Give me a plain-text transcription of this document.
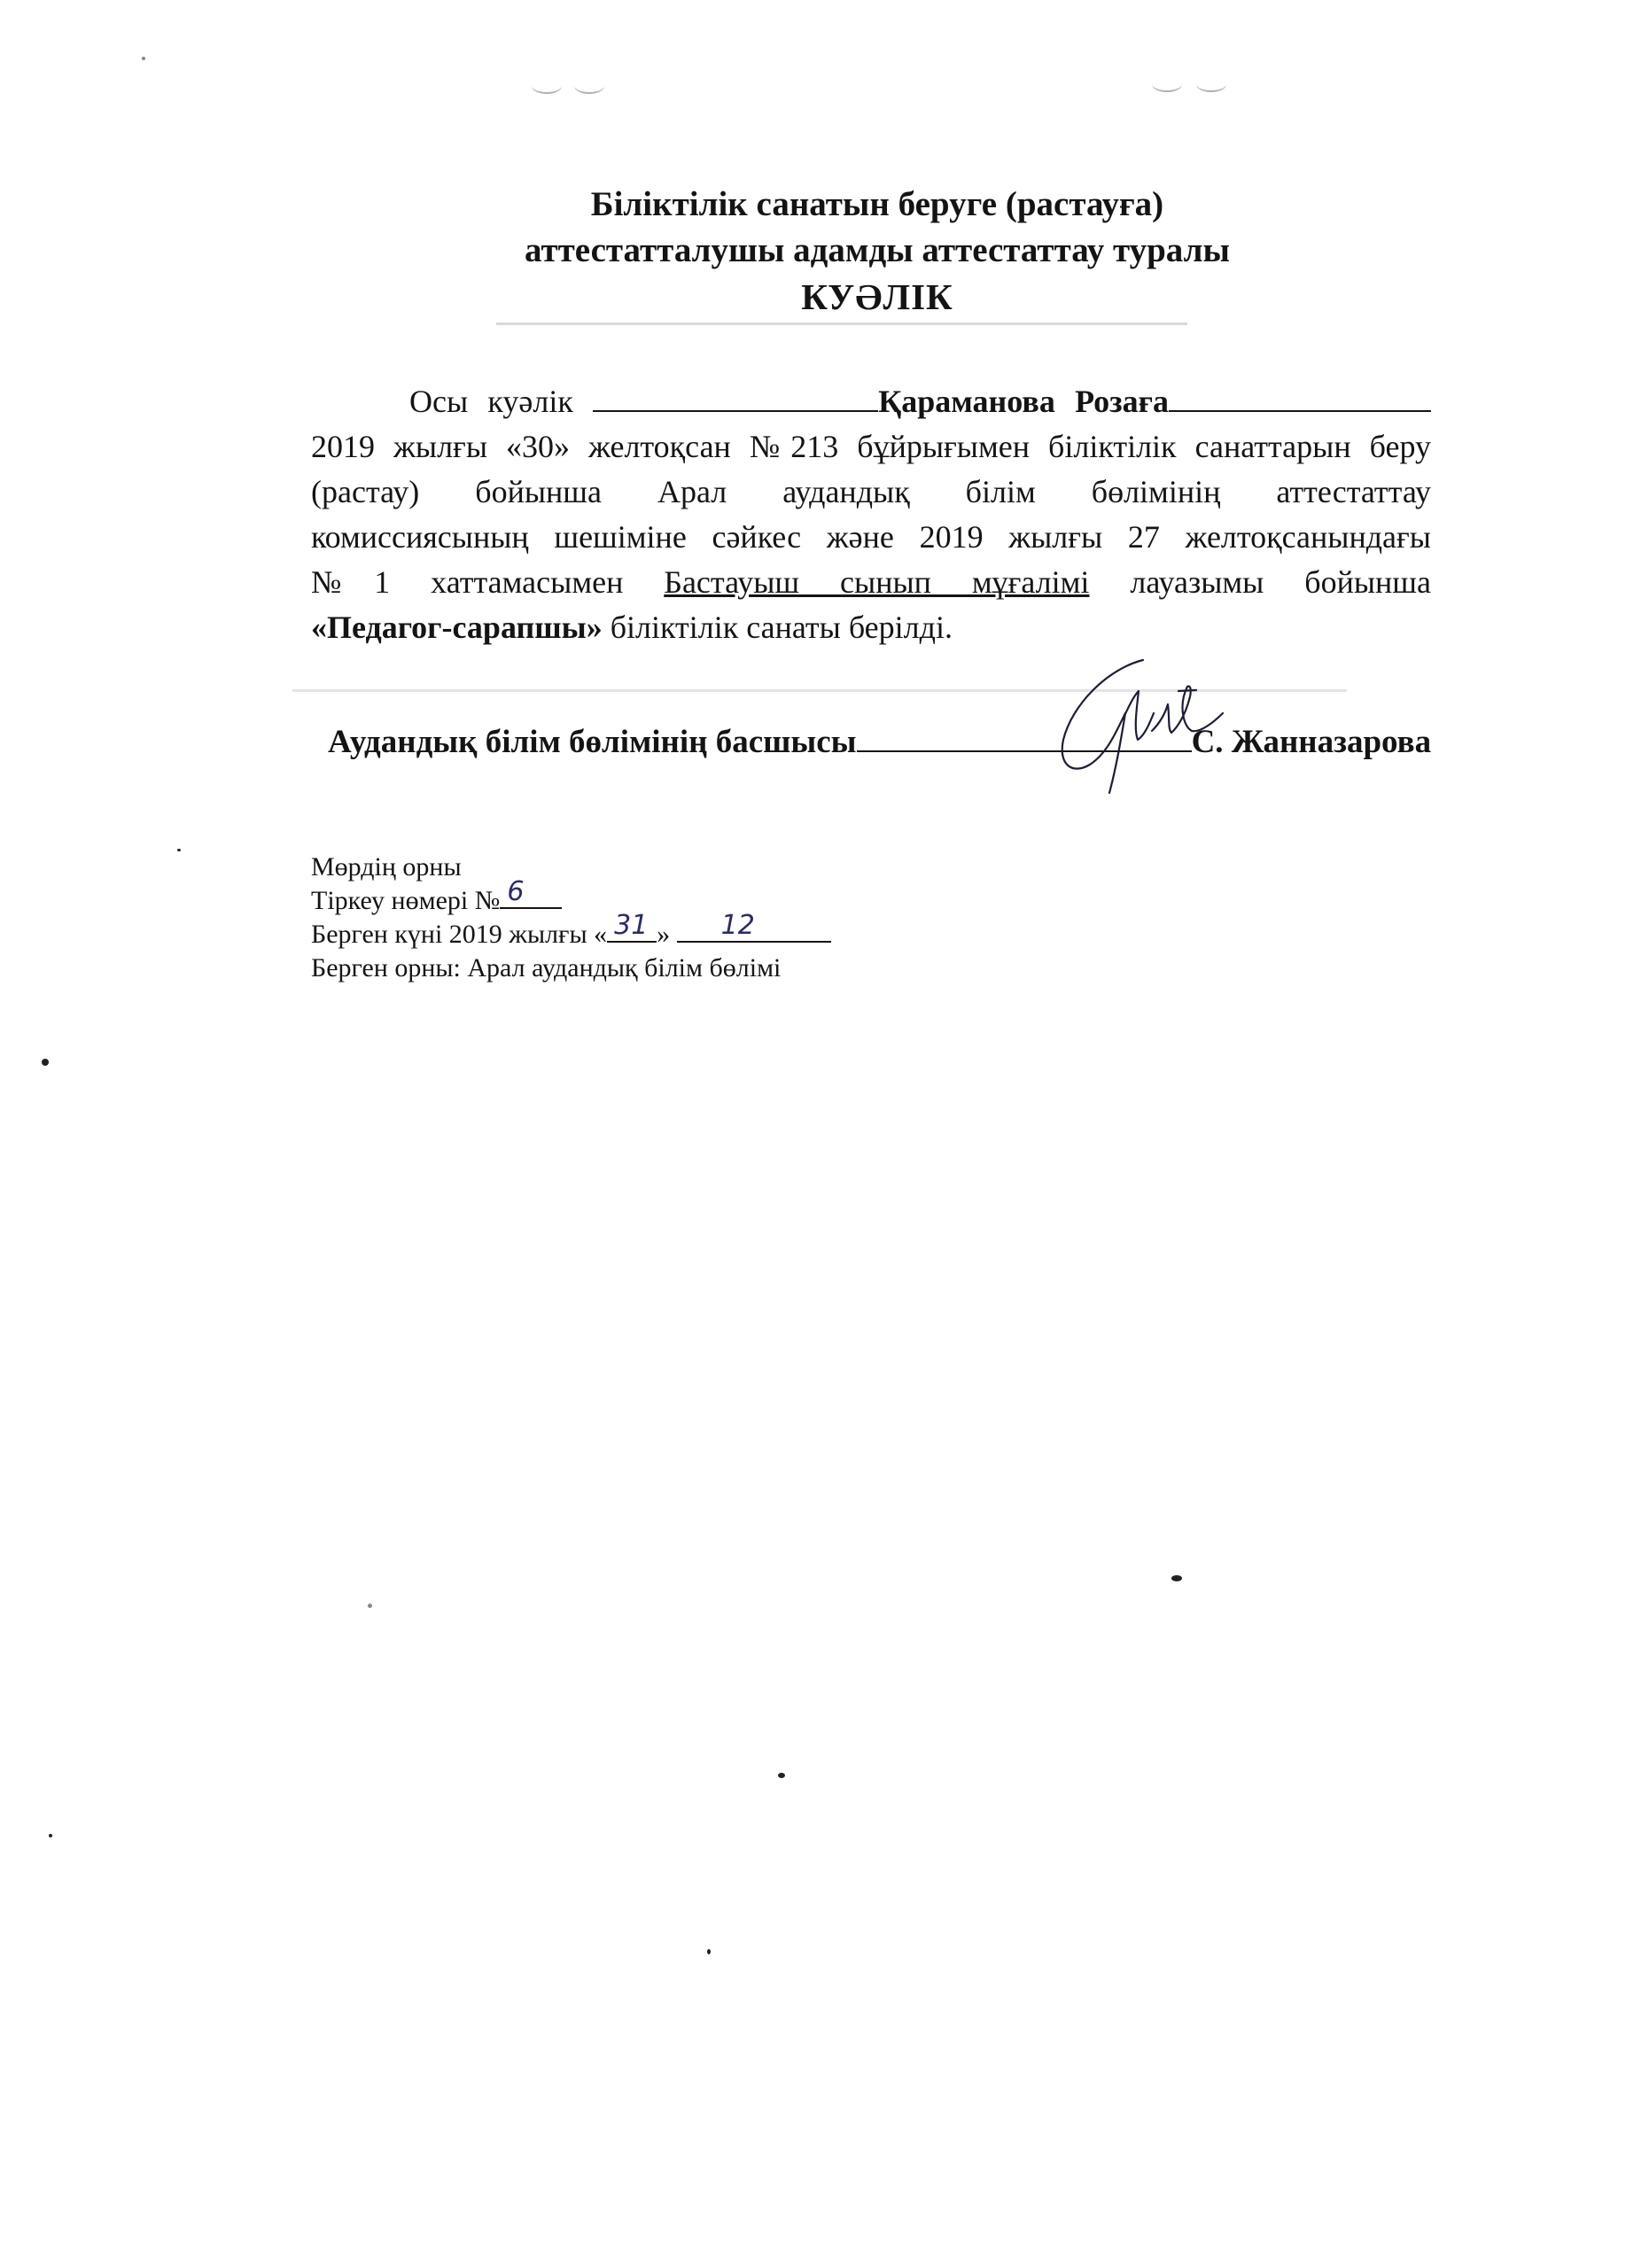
Біліктілік санатын беруге (растауға)
аттестатталушы адамды аттестаттау туралы
КУӘЛІК
Осы куәлік	Қараманова Розаға
2019 жылғы «30» желтоқсан №213 бұйрығымен біліктілік санаттарын беру
(растау) бойынша Арал аудандық білім бөлімінің аттестаттау
комиссиясының шешіміне сәйкес және 2019 жылғы 27 желтоқсанындағы
№1 хаттамасымен Бастауыш сынып мұғалімі лауазымы бойынша
«Педагог-сарапшы» біліктілік санаты берілді.
Аудандық білім бөлімінің басшысы	С. Жанназарова
Мөрдің орны
Тіркеу нөмері № 6
Берген күні 2019 жылғы « 31 » 12
Берген орны: Арал аудандық білім бөлімі
